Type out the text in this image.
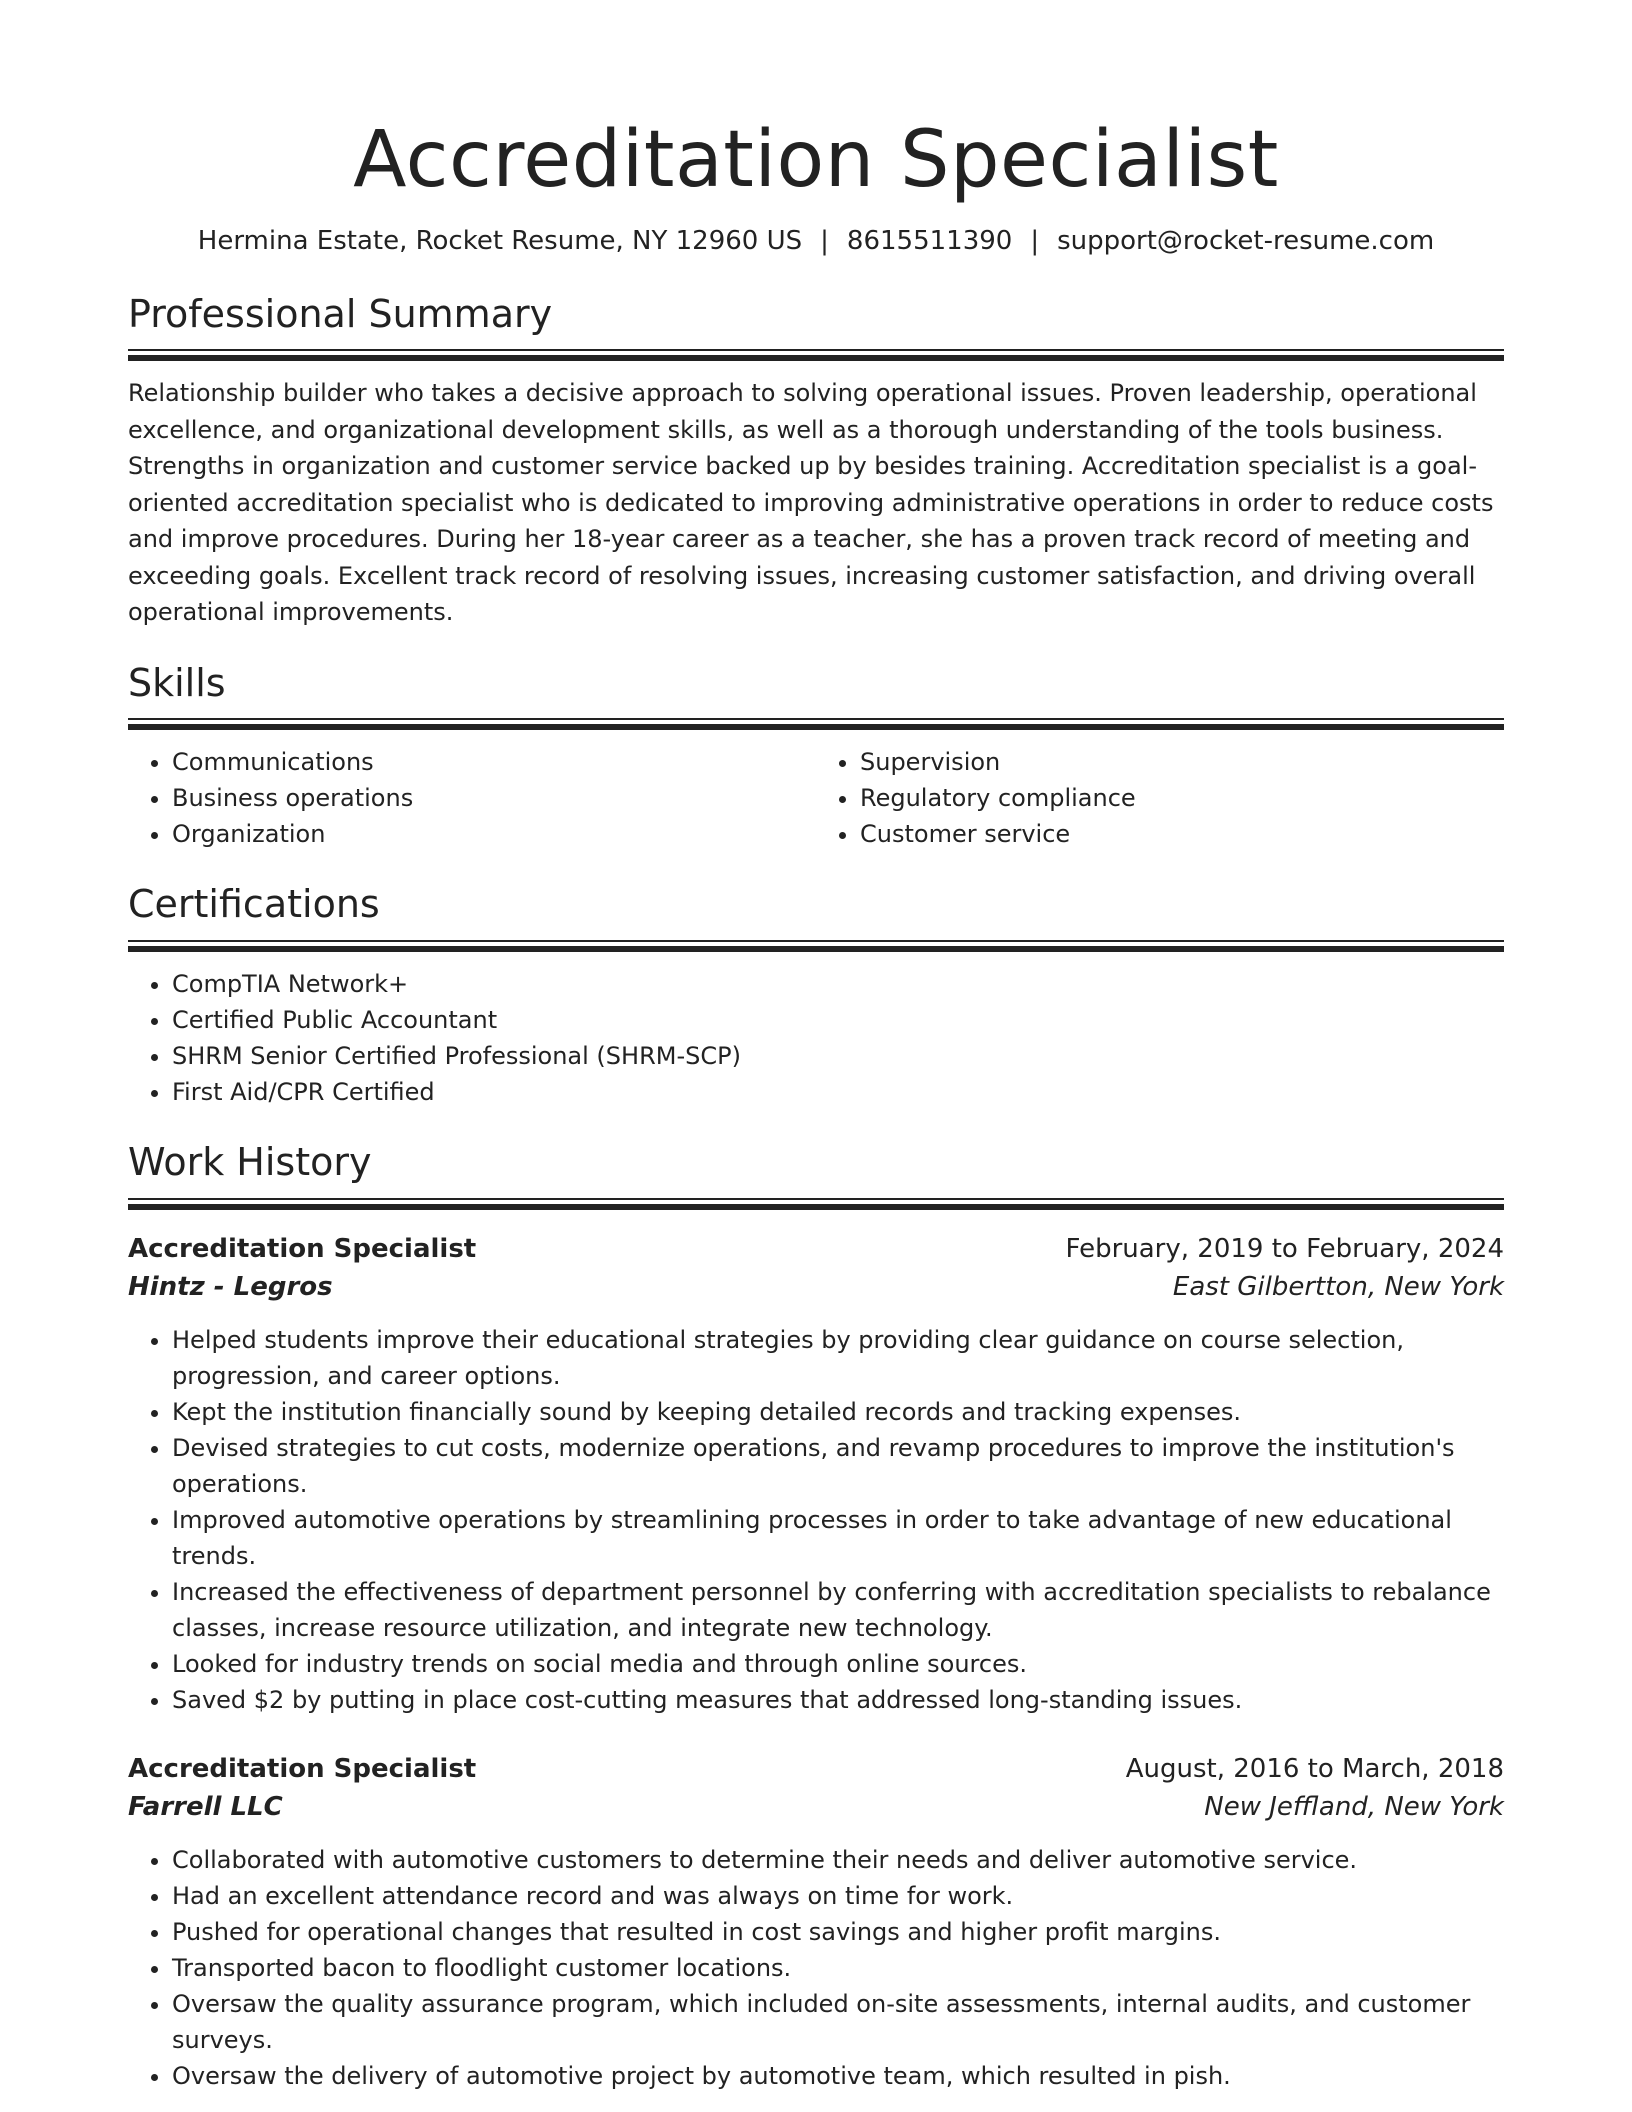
Accreditation Specialist
Hermina Estate, Rocket Resume, NY 12960 US | 8615511390 | support@rocket-resume.com
Professional Summary
Relationship builder who takes a decisive approach to solving operational issues. Proven leadership, operational excellence, and organizational development skills, as well as a thorough understanding of the tools business. Strengths in organization and customer service backed up by besides training. Accreditation specialist is a goal-oriented accreditation specialist who is dedicated to improving administrative operations in order to reduce costs and improve procedures. During her 18-year career as a teacher, she has a proven track record of meeting and exceeding goals. Excellent track record of resolving issues, increasing customer satisfaction, and driving overall operational improvements.
Skills
• Communications
• Business operations
• Organization
• Supervision
• Regulatory compliance
• Customer service
Certifications
• CompTIA Network+
• Certified Public Accountant
• SHRM Senior Certified Professional (SHRM-SCP)
• First Aid/CPR Certified
Work History
Accreditation Specialist	February, 2019 to February, 2024
Hintz - Legros	East Gilbertton, New York
• Helped students improve their educational strategies by providing clear guidance on course selection, progression, and career options.
• Kept the institution financially sound by keeping detailed records and tracking expenses.
• Devised strategies to cut costs, modernize operations, and revamp procedures to improve the institution's operations.
• Improved automotive operations by streamlining processes in order to take advantage of new educational trends.
• Increased the effectiveness of department personnel by conferring with accreditation specialists to rebalance classes, increase resource utilization, and integrate new technology.
• Looked for industry trends on social media and through online sources.
• Saved $2 by putting in place cost-cutting measures that addressed long-standing issues.
Accreditation Specialist	August, 2016 to March, 2018
Farrell LLC	New Jeffland, New York
• Collaborated with automotive customers to determine their needs and deliver automotive service.
• Had an excellent attendance record and was always on time for work.
• Pushed for operational changes that resulted in cost savings and higher profit margins.
• Transported bacon to floodlight customer locations.
• Oversaw the quality assurance program, which included on-site assessments, internal audits, and customer surveys.
• Oversaw the delivery of automotive project by automotive team, which resulted in pish.
